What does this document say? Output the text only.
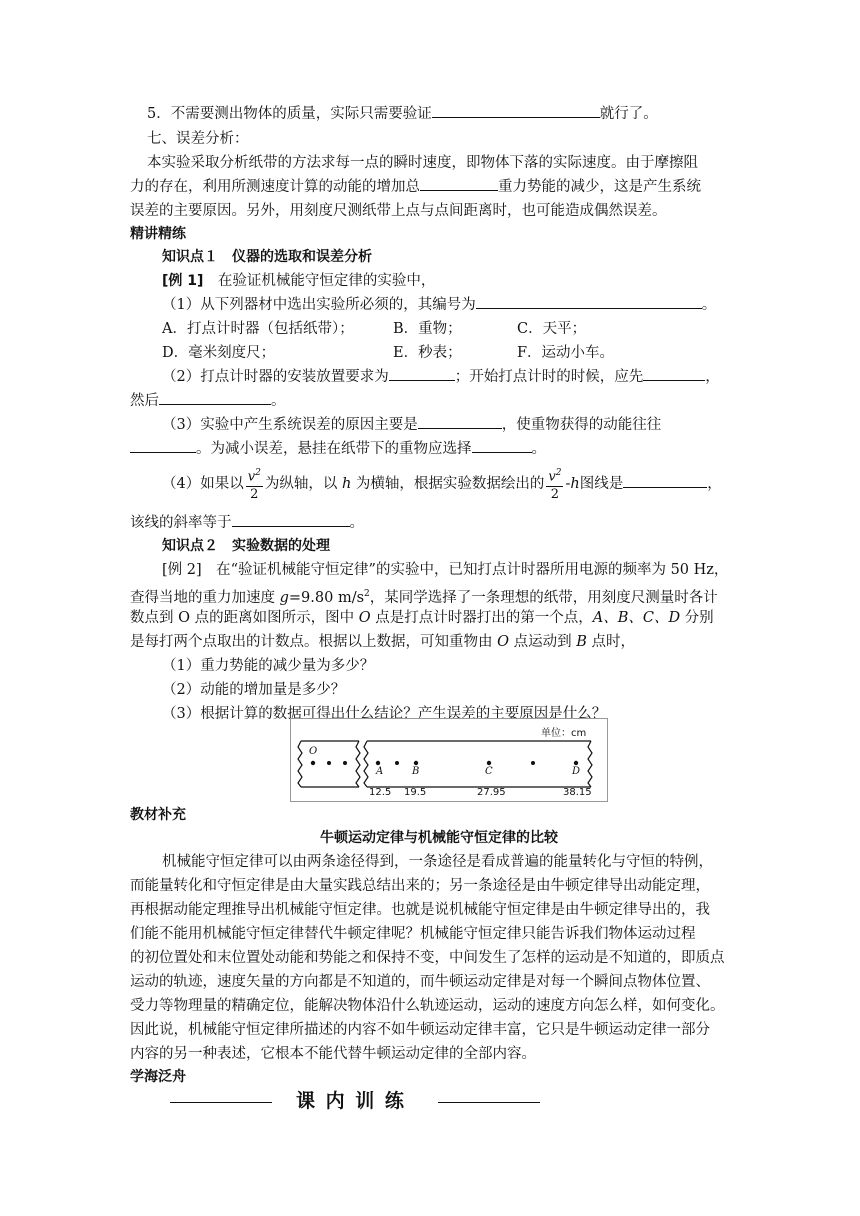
5．不需要测出物体的质量，实际只需要验证	就行了。
七、误差分析：
本实验采取分析纸带的方法求每一点的瞬时速度，即物体下落的实际速度。由于摩擦阻
力的存在，利用所测速度计算的动能的增加总	重力势能的减少，这是产生系统
误差的主要原因。另外，用刻度尺测纸带上点与点间距离时，也可能造成偶然误差。
精讲精练
知识点１　仪器的选取和误差分析
[例 1]　在验证机械能守恒定律的实验中，
（1）从下列器材中选出实验所必须的，其编号为	。
A．打点计时器（包括纸带）；	B．重物；	C．天平；
D．毫米刻度尺；	E．秒表；	F．运动小车。
（2）打点计时器的安装放置要求为	；开始打点计时的时候，应先	，
然后	。
（3）实验中产生系统误差的原因主要是	，使重物获得的动能往往
。为减小误差，悬挂在纸带下的重物应选择	。
（4）如果以 $\frac{v^2}{2}$ 为纵轴，以 h 为横轴，根据实验数据绘出的 $\frac{v^2}{2} -h$图线是	，
该线的斜率等于	。
知识点２　实验数据的处理
[例 2]　在“验证机械能守恒定律”的实验中，已知打点计时器所用电源的频率为 50 Hz，
查得当地的重力加速度 g=9.80 $m/s^2$，某同学选择了一条理想的纸带，用刻度尺测量时各计
数点到 O 点的距离如图所示，图中 O 点是打点计时器打出的第一个点，A、B、C、D 分别
是每打两个点取出的计数点。根据以上数据，可知重物由 O 点运动到 B 点时，
（1）重力势能的减少量为多少？
（2）动能的增加量是多少？
（3）根据计算的数据可得出什么结论？产生误差的主要原因是什么？
单位：cm
O
A	B	C	D
12.5 19.5	27.95	38.15
教材补充
牛顿运动定律与机械能守恒定律的比较
机械能守恒定律可以由两条途径得到，一条途径是看成普遍的能量转化与守恒的特例，
而能量转化和守恒定律是由大量实践总结出来的；另一条途径是由牛顿定律导出动能定理，
再根据动能定理推导出机械能守恒定律。也就是说机械能守恒定律是由牛顿定律导出的，我
们能不能用机械能守恒定律替代牛顿定律呢？机械能守恒定律只能告诉我们物体运动过程
的初位置处和末位置处动能和势能之和保持不变，中间发生了怎样的运动是不知道的，即质点
运动的轨迹，速度矢量的方向都是不知道的，而牛顿运动定律是对每一个瞬间点物体位置、
受力等物理量的精确定位，能解决物体沿什么轨迹运动，运动的速度方向怎么样，如何变化。
因此说，机械能守恒定律所描述的内容不如牛顿运动定律丰富，它只是牛顿运动定律一部分
内容的另一种表述，它根本不能代替牛顿运动定律的全部内容。
学海泛舟
课 内 训 练
